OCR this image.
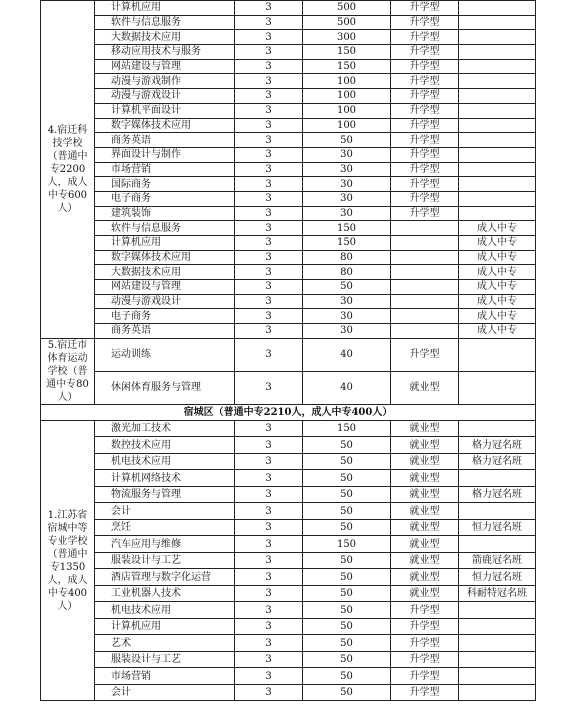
4.宿迁科技学校（普通中专2200人，成人中专600人）	计算机应用	3	500	升学型	
	软件与信息服务	3	500	升学型	
	大数据技术应用	3	300	升学型	
	移动应用技术与服务	3	150	升学型	
	网站建设与管理	3	150	升学型	
	动漫与游戏制作	3	100	升学型	
	动漫与游戏设计	3	100	升学型	
	计算机平面设计	3	100	升学型	
	数字媒体技术应用	3	100	升学型	
	商务英语	3	50	升学型	
	界面设计与制作	3	30	升学型	
	市场营销	3	30	升学型	
	国际商务	3	30	升学型	
	电子商务	3	30	升学型	
	建筑装饰	3	30	升学型	
	软件与信息服务	3	150		成人中专
	计算机应用	3	150		成人中专
	数字媒体技术应用	3	80		成人中专
	大数据技术应用	3	80		成人中专
	网站建设与管理	3	50		成人中专
	动漫与游戏设计	3	30		成人中专
	电子商务	3	30		成人中专
	商务英语	3	30		成人中专
5.宿迁市体育运动学校（普通中专80人）	运动训练	3	40	升学型	
	休闲体育服务与管理	3	40	就业型	
宿城区（普通中专2210人，成人中专400人）					
1.江苏省宿城中等专业学校（普通中专1350人，成人中专400人）	激光加工技术	3	150	就业型	
	数控技术应用	3	50	就业型	格力冠名班
	机电技术应用	3	50	就业型	格力冠名班
	计算机网络技术	3	50	就业型	
	物流服务与管理	3	50	就业型	格力冠名班
	会计	3	50	就业型	
	烹饪	3	50	就业型	恒力冠名班
	汽车应用与维修	3	150	就业型	
	服装设计与工艺	3	50	就业型	箭鹿冠名班
	酒店管理与数字化运营	3	50	就业型	恒力冠名班
	工业机器人技术	3	50	就业型	科耐特冠名班
	机电技术应用	3	50	升学型	
	计算机应用	3	50	升学型	
	艺术	3	50	升学型	
	服装设计与工艺	3	50	升学型	
	市场营销	3	50	升学型	
	会计	3	50	升学型	
